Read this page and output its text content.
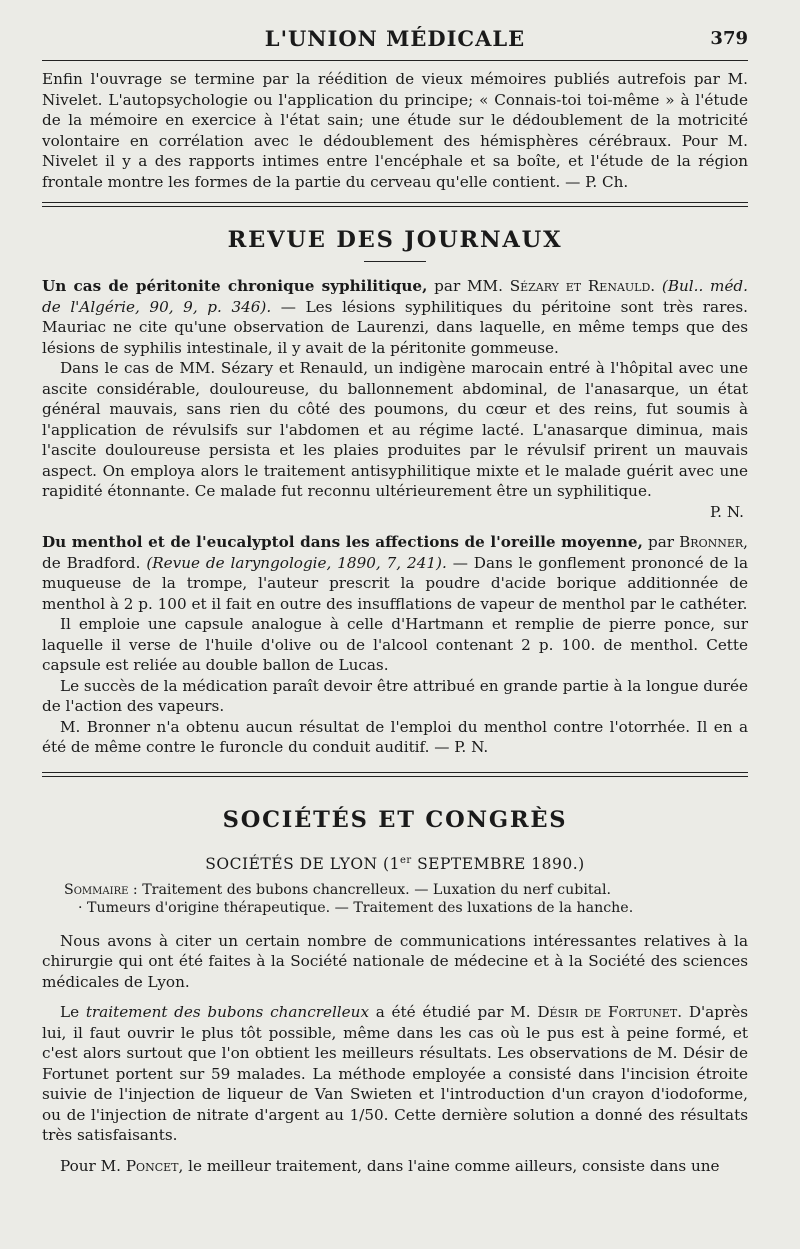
L'UNION MÉDICALE	379

Enfin l'ouvrage se termine par la réédition de vieux mémoires publiés autrefois par M. Nivelet. L'autopsychologie ou l'application du principe; « Connais-toi toi-même » à l'étude de la mémoire en exercice à l'état sain; une étude sur le dédoublement de la motricité volontaire en corrélation avec le dédoublement des hémisphères cérébraux. Pour M. Nivelet il y a des rapports intimes entre l'encéphale et sa boîte, et l'étude de la région frontale montre les formes de la partie du cerveau qu'elle contient. — P. Ch.

REVUE DES JOURNAUX

Un cas de péritonite chronique syphilitique, par MM. Sézary et Renauld. (Bul.. méd. de l'Algérie, 90, 9, p. 346). — Les lésions syphilitiques du péritoine sont très rares. Mauriac ne cite qu'une observation de Laurenzi, dans laquelle, en même temps que des lésions de syphilis intestinale, il y avait de la péritonite gommeuse.

Dans le cas de MM. Sézary et Renauld, un indigène marocain entré à l'hôpital avec une ascite considérable, douloureuse, du ballonnement abdominal, de l'anasarque, un état général mauvais, sans rien du côté des poumons, du cœur et des reins, fut soumis à l'application de révulsifs sur l'abdomen et au régime lacté. L'anasarque diminua, mais l'ascite douloureuse persista et les plaies produites par le révulsif prirent un mauvais aspect. On employa alors le traitement antisyphilitique mixte et le malade guérit avec une rapidité étonnante. Ce malade fut reconnu ultérieurement être un syphilitique.

P. N.

Du menthol et de l'eucalyptol dans les affections de l'oreille moyenne, par Bronner, de Bradford. (Revue de laryngologie, 1890, 7, 241). — Dans le gonflement prononcé de la muqueuse de la trompe, l'auteur prescrit la poudre d'acide borique additionnée de menthol à 2 p. 100 et il fait en outre des insufflations de vapeur de menthol par le cathéter.

Il emploie une capsule analogue à celle d'Hartmann et remplie de pierre ponce, sur laquelle il verse de l'huile d'olive ou de l'alcool contenant 2 p. 100. de menthol. Cette capsule est reliée au double ballon de Lucas.

Le succès de la médication paraît devoir être attribué en grande partie à la longue durée de l'action des vapeurs.

M. Bronner n'a obtenu aucun résultat de l'emploi du menthol contre l'otorrhée. Il en a été de même contre le furoncle du conduit auditif. — P. N.

SOCIÉTÉS ET CONGRÈS
SOCIÉTÉS DE LYON (1er SEPTEMBRE 1890.)
Sommaire : Traitement des bubons chancrelleux. — Luxation du nerf cubital.
· Tumeurs d'origine thérapeutique. — Traitement des luxations de la hanche.

Nous avons à citer un certain nombre de communications intéressantes relatives à la chirurgie qui ont été faites à la Société nationale de médecine et à la Société des sciences médicales de Lyon.

Le traitement des bubons chancrelleux a été étudié par M. Désir de Fortunet. D'après lui, il faut ouvrir le plus tôt possible, même dans les cas où le pus est à peine formé, et c'est alors surtout que l'on obtient les meilleurs résultats. Les observations de M. Désir de Fortunet portent sur 59 malades. La méthode employée a consisté dans l'incision étroite suivie de l'injection de liqueur de Van Swieten et l'introduction d'un crayon d'iodoforme, ou de l'injection de nitrate d'argent au 1/50. Cette dernière solution a donné des résultats très satisfaisants.

Pour M. Poncet, le meilleur traitement, dans l'aine comme ailleurs, consiste dans une
